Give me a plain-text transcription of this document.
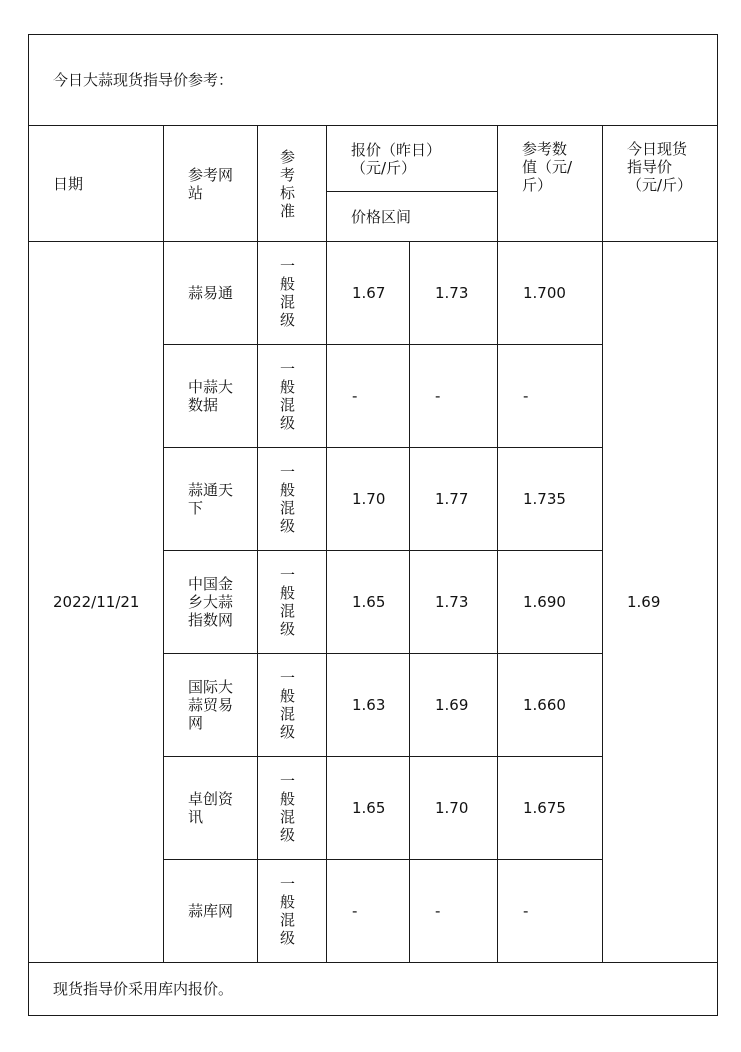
今日大蒜现货指导价参考：						
日期	参考网站	参考标准	报价（昨日）（元/斤）		参考数值（元/斤）	今日现货指导价（元/斤）

			价格区间			
2022/11/21	蒜易通	一般混级	1.67	1.73	1.700	1.69

	中蒜大数据	一般混级	-	-	-	

	蒜通天下	一般混级	1.70	1.77	1.735	

	中国金乡大蒜指数网	一般混级	1.65	1.73	1.690	

	国际大蒜贸易网	一般混级	1.63	1.69	1.660	

	卓创资讯	一般混级	1.65	1.70	1.675	

	蒜库网	一般混级	-	-	-	
现货指导价采用库内报价。						
